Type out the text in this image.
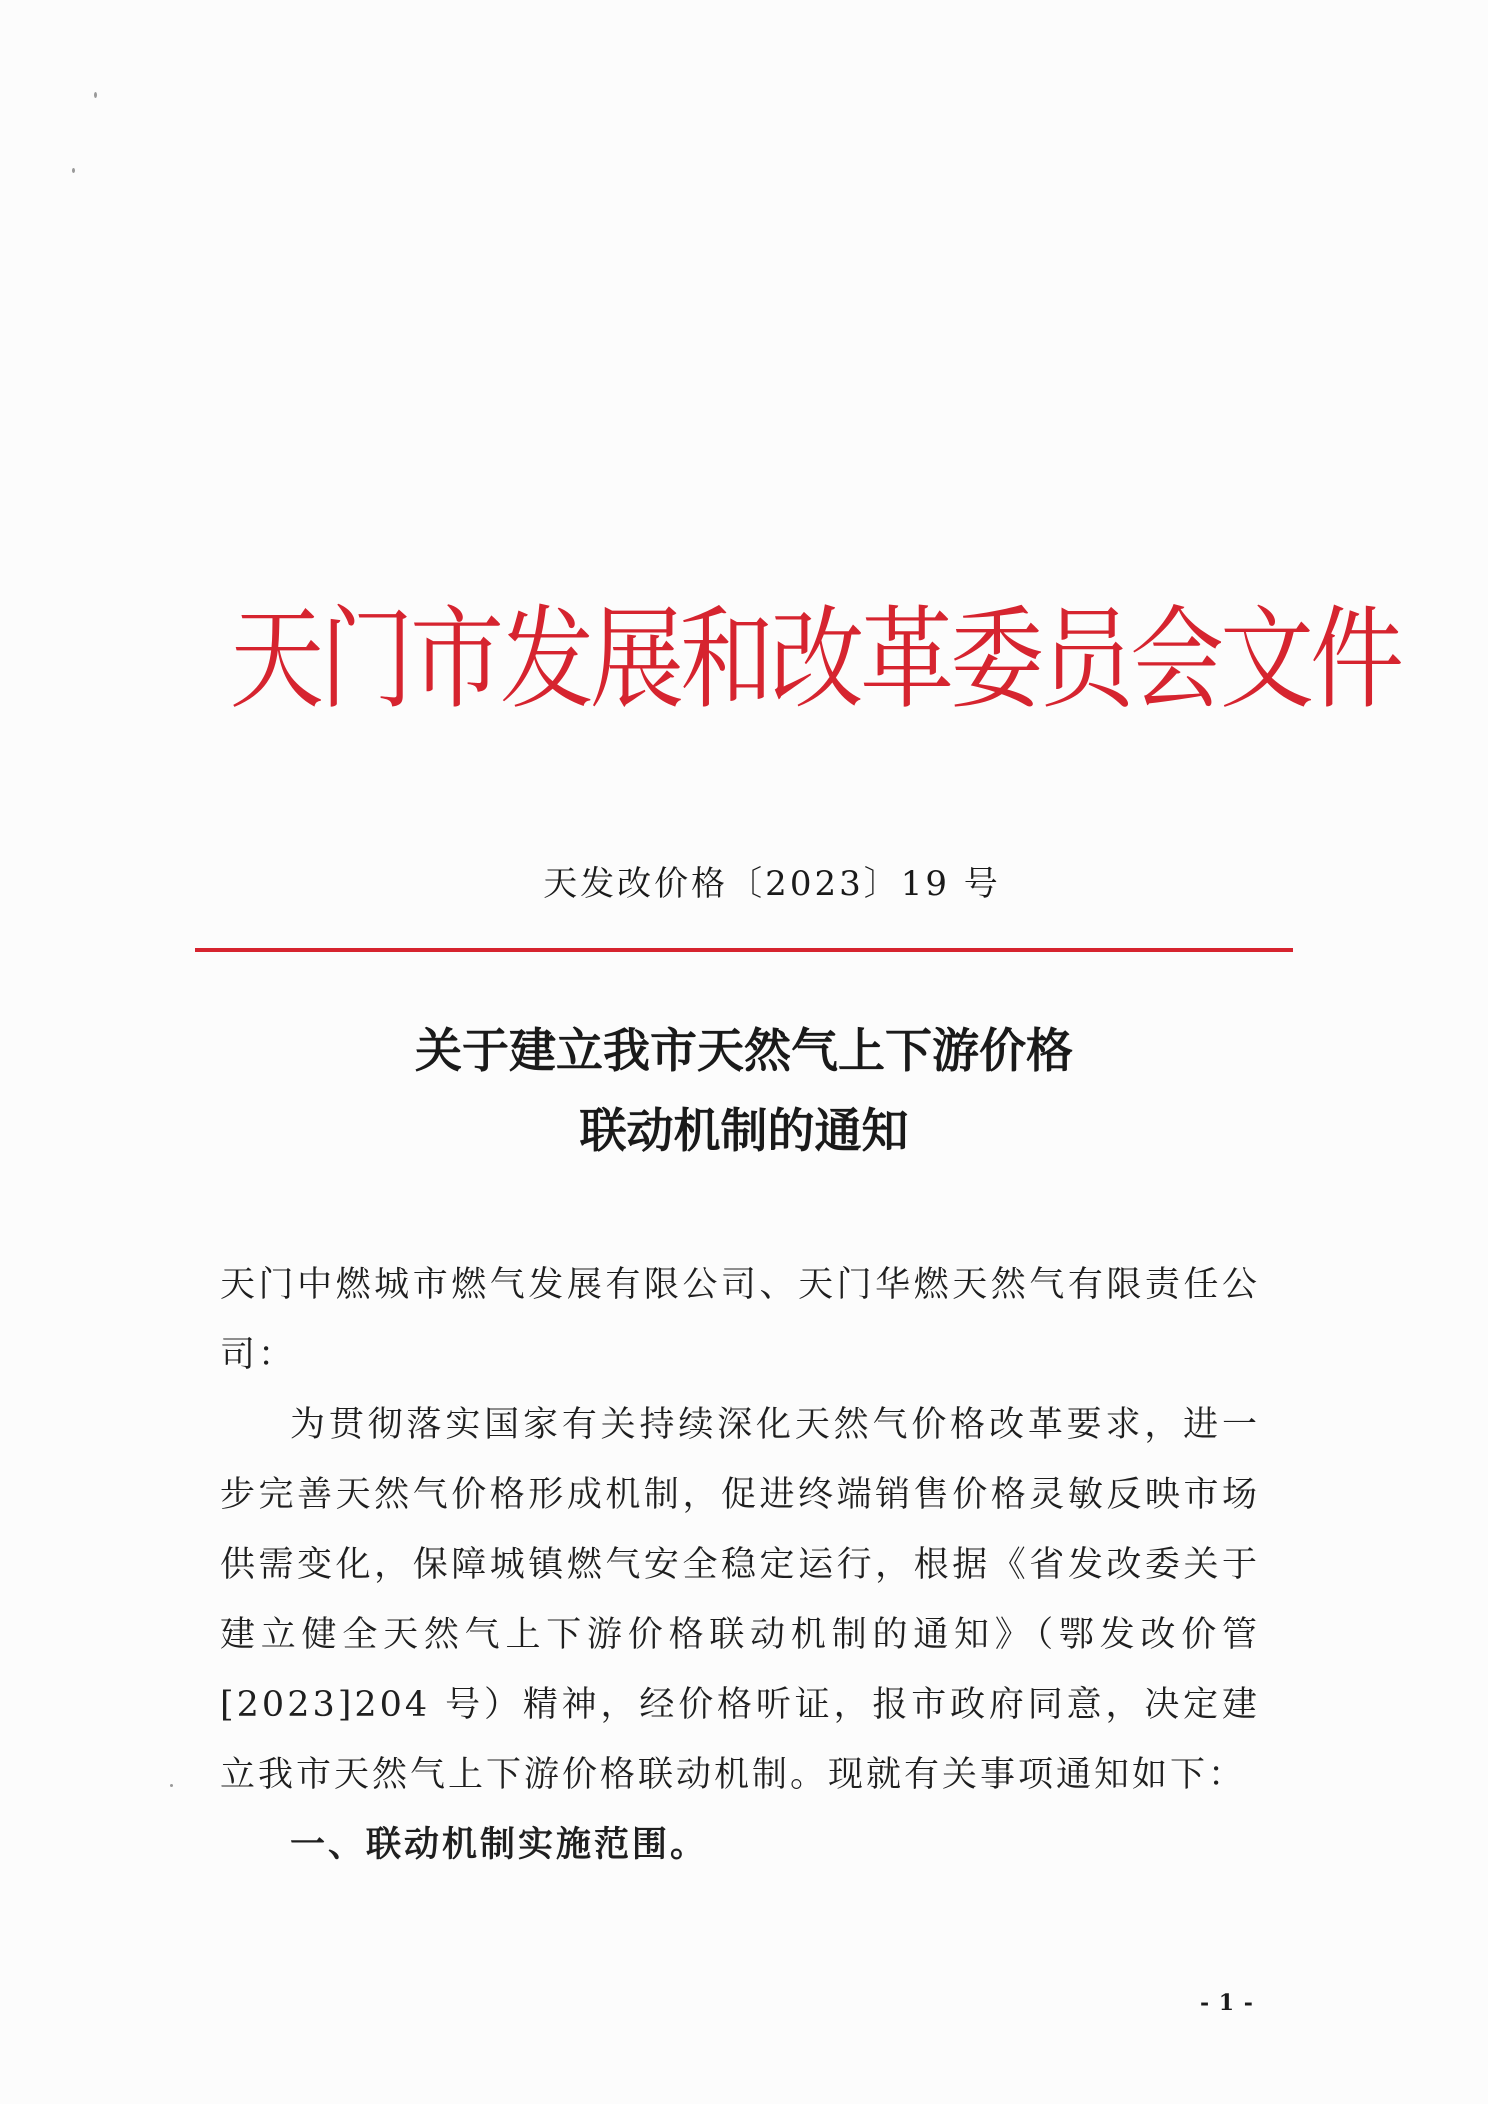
天门市发展和改革委员会文件
天发改价格〔2023〕19 号
关于建立我市天然气上下游价格
联动机制的通知

天门中燃城市燃气发展有限公司、天门华燃天然气有限责任公司：

为贯彻落实国家有关持续深化天然气价格改革要求，进一步完善天然气价格形成机制，促进终端销售价格灵敏反映市场供需变化，保障城镇燃气安全稳定运行，根据《省发改委关于建立健全天然气上下游价格联动机制的通知》（鄂发改价管[2023]204 号）精神，经价格听证，报市政府同意，决定建立我市天然气上下游价格联动机制。现就有关事项通知如下：

一、联动机制实施范围。

- 1 -
